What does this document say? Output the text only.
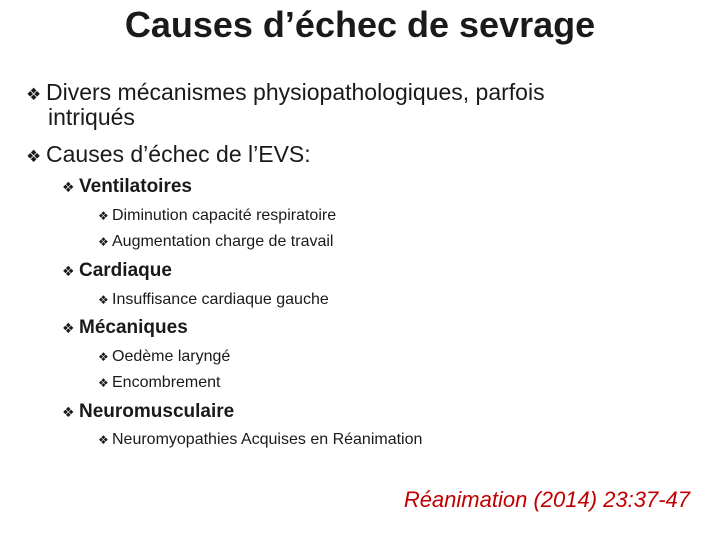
Causes d’échec de sevrage
❖ Divers mécanismes physiopathologiques, parfois
intriqués
❖ Causes d’échec de l’EVS:
❖ Ventilatoires
❖ Diminution capacité respiratoire
❖ Augmentation charge de travail
❖ Cardiaque
❖ Insuffisance cardiaque gauche
❖ Mécaniques
❖ Oedème laryngé
❖ Encombrement
❖ Neuromusculaire
❖ Neuromyopathies Acquises en Réanimation
Réanimation (2014) 23:37-47
